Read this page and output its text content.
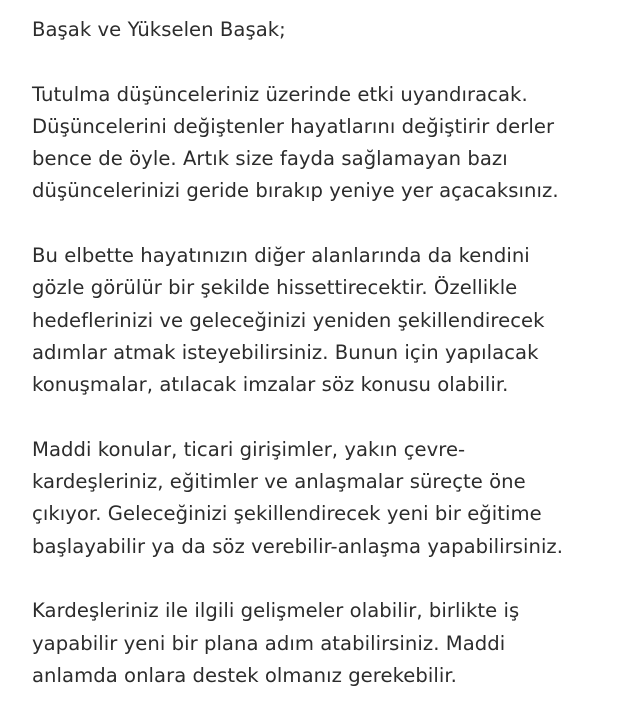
Başak ve Yükselen Başak;
Tutulma düşünceleriniz üzerinde etki uyandıracak.
Düşüncelerini değiştenler hayatlarını değiştirir derler
bence de öyle. Artık size fayda sağlamayan bazı
düşüncelerinizi geride bırakıp yeniye yer açacaksınız.
Bu elbette hayatınızın diğer alanlarında da kendini
gözle görülür bir şekilde hissettirecektir. Özellikle
hedeflerinizi ve geleceğinizi yeniden şekillendirecek
adımlar atmak isteyebilirsiniz. Bunun için yapılacak
konuşmalar, atılacak imzalar söz konusu olabilir.
Maddi konular, ticari girişimler, yakın çevre-
kardeşleriniz, eğitimler ve anlaşmalar süreçte öne
çıkıyor. Geleceğinizi şekillendirecek yeni bir eğitime
başlayabilir ya da söz verebilir-anlaşma yapabilirsiniz.
Kardeşleriniz ile ilgili gelişmeler olabilir, birlikte iş
yapabilir yeni bir plana adım atabilirsiniz. Maddi
anlamda onlara destek olmanız gerekebilir.
